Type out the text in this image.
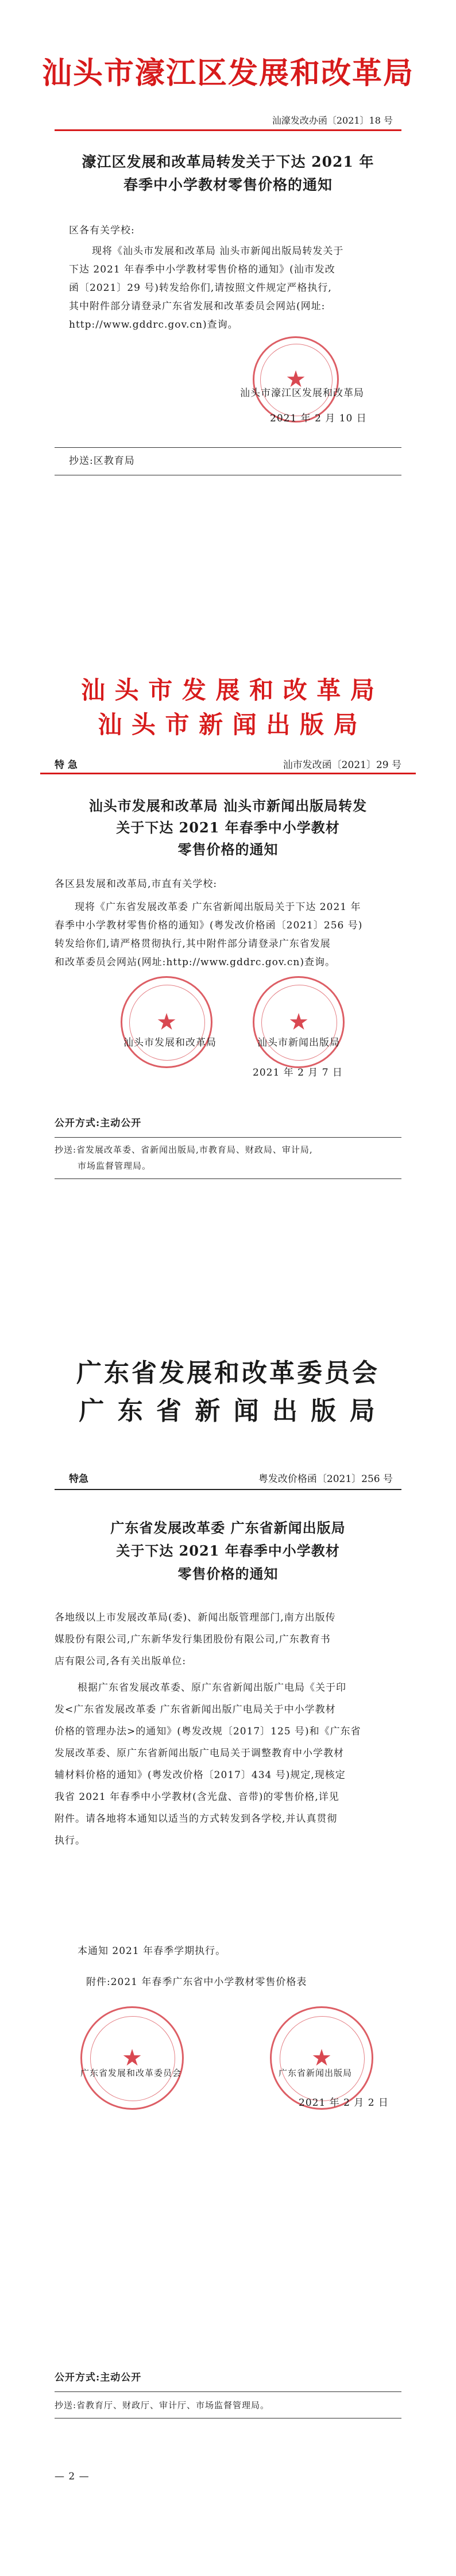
汕头市濠江区发展和改革局
汕濠发改办函〔2021〕18 号
濠江区发展和改革局转发关于下达 2021 年
春季中小学教材零售价格的通知
区各有关学校:
现将《汕头市发展和改革局 汕头市新闻出版局转发关于
下达 2021 年春季中小学教材零售价格的通知》(汕市发改
函〔2021〕29 号)转发给你们,请按照文件规定严格执行,
其中附件部分请登录广东省发展和改革委员会网站(网址:
http://www.gddrc.gov.cn)查询。
★
汕头市濠江区发展和改革局
2021 年 2 月 10 日
抄送:区教育局
汕 头 市 发 展 和 改 革 局
汕 头 市 新 闻 出 版 局
特 急	汕市发改函〔2021〕29 号
汕头市发展和改革局 汕头市新闻出版局转发
关于下达 2021 年春季中小学教材
零售价格的通知
各区县发展和改革局,市直有关学校:
现将《广东省发展改革委 广东省新闻出版局关于下达 2021 年
春季中小学教材零售价格的通知》(粤发改价格函〔2021〕256 号)
转发给你们,请严格贯彻执行,其中附件部分请登录广东省发展
和改革委员会网站(网址:http://www.gddrc.gov.cn)查询。
★	★
汕头市发展和改革局	汕头市新闻出版局
2021 年 2 月 7 日
公开方式:主动公开
抄送:省发展改革委、省新闻出版局,市教育局、财政局、审计局,
市场监督管理局。
广东省发展和改革委员会
广 东 省 新 闻 出 版 局
特急	粤发改价格函〔2021〕256 号
广东省发展改革委 广东省新闻出版局
关于下达 2021 年春季中小学教材
零售价格的通知
各地级以上市发展改革局(委)、新闻出版管理部门,南方出版传
媒股份有限公司,广东新华发行集团股份有限公司,广东教育书
店有限公司,各有关出版单位:
根据广东省发展改革委、原广东省新闻出版广电局《关于印
发<广东省发展改革委 广东省新闻出版广电局关于中小学教材
价格的管理办法>的通知》(粤发改规〔2017〕125 号)和《广东省
发展改革委、原广东省新闻出版广电局关于调整教育中小学教材
辅材料价格的通知》(粤发改价格〔2017〕434 号)规定,现核定
我省 2021 年春季中小学教材(含光盘、音带)的零售价格,详见
附件。请各地将本通知以适当的方式转发到各学校,并认真贯彻
执行。
本通知 2021 年春季学期执行。
附件:2021 年春季广东省中小学教材零售价格表
★	★
广东省发展和改革委员会	广东省新闻出版局
2021 年 2 月 2 日
公开方式:主动公开
抄送:省教育厅、财政厅、审计厅、市场监督管理局。
— 2 —
